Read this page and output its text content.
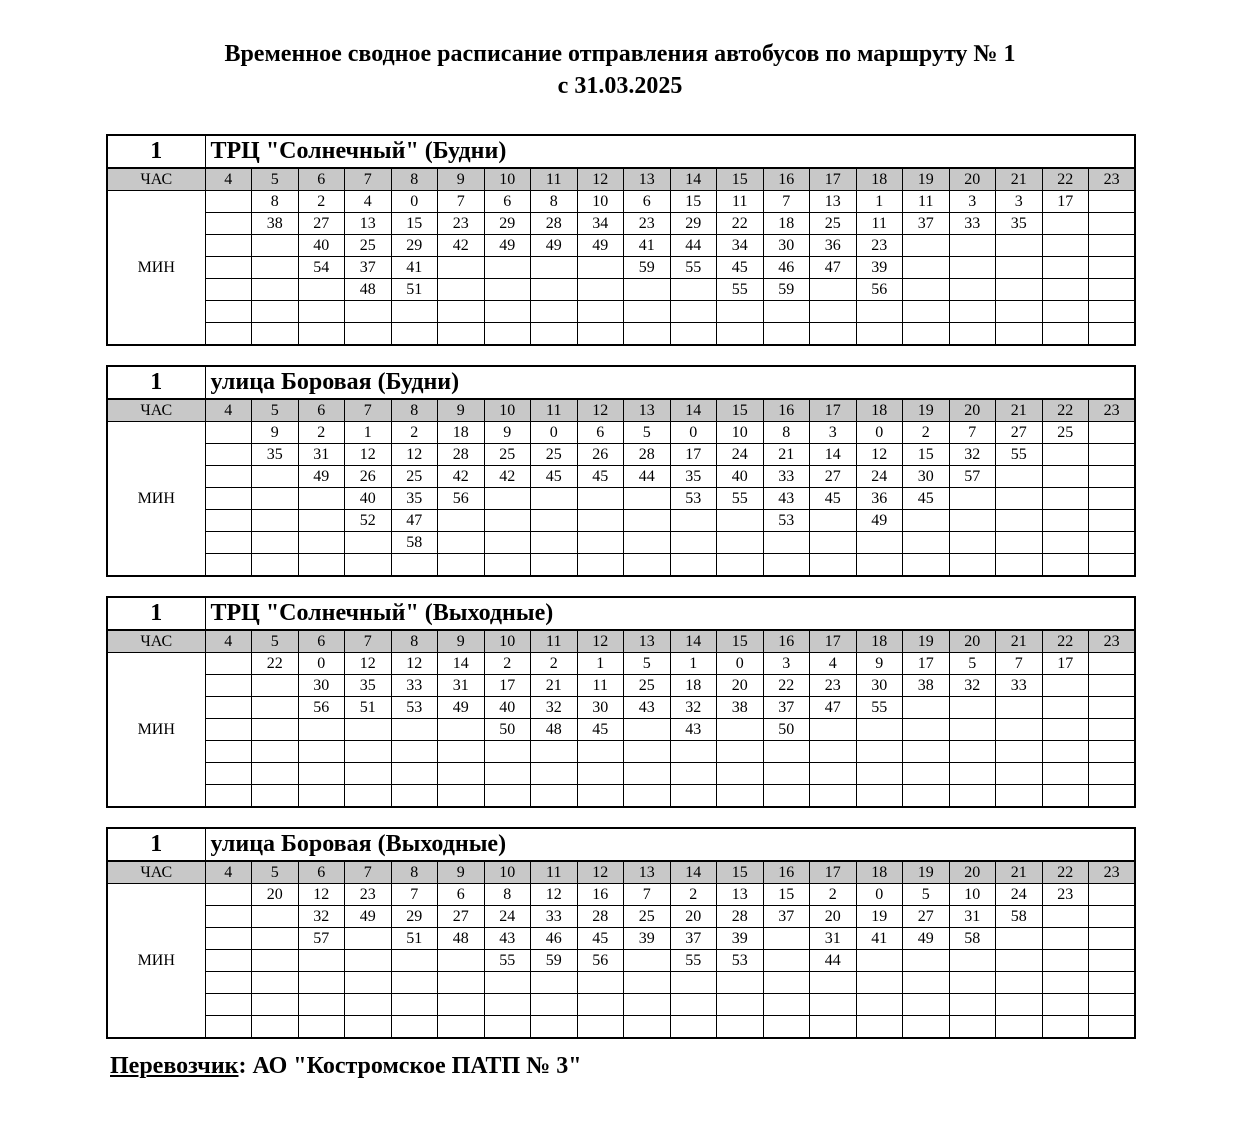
Временное сводное расписание отправления автобусов по маршруту № 1
с 31.03.2025
1	ТРЦ "Солнечный" (Будни)																			
ЧАС	4	5	6	7	8	9	10	11	12	13	14	15	16	17	18	19	20	21	22	23
МИН		8	2	4	0	7	6	8	10	6	15	11	7	13	1	11	3	3	17	
		38	27	13	15	23	29	28	34	23	29	22	18	25	11	37	33	35		
			40	25	29	42	49	49	49	41	44	34	30	36	23					
			54	37	41					59	55	45	46	47	39					
				48	51							55	59		56					

1	улица Боровая (Будни)																			
ЧАС	4	5	6	7	8	9	10	11	12	13	14	15	16	17	18	19	20	21	22	23
МИН		9	2	1	2	18	9	0	6	5	0	10	8	3	0	2	7	27	25	
		35	31	12	12	28	25	25	26	28	17	24	21	14	12	15	32	55		
			49	26	25	42	42	45	45	44	35	40	33	27	24	30	57			
				40	35	56					53	55	43	45	36	45				
				52	47								53		49					
					58															

1	ТРЦ "Солнечный" (Выходные)																			
ЧАС	4	5	6	7	8	9	10	11	12	13	14	15	16	17	18	19	20	21	22	23
МИН		22	0	12	12	14	2	2	1	5	1	0	3	4	9	17	5	7	17	
			30	35	33	31	17	21	11	25	18	20	22	23	30	38	32	33		
			56	51	53	49	40	32	30	43	32	38	37	47	55					
							50	48	45		43		50							

1	улица Боровая (Выходные)																			
ЧАС	4	5	6	7	8	9	10	11	12	13	14	15	16	17	18	19	20	21	22	23
МИН		20	12	23	7	6	8	12	16	7	2	13	15	2	0	5	10	24	23	
			32	49	29	27	24	33	28	25	20	28	37	20	19	27	31	58		
			57		51	48	43	46	45	39	37	39		31	41	49	58			
							55	59	56		55	53		44						

Перевозчик: АО "Костромское ПАТП № 3"
